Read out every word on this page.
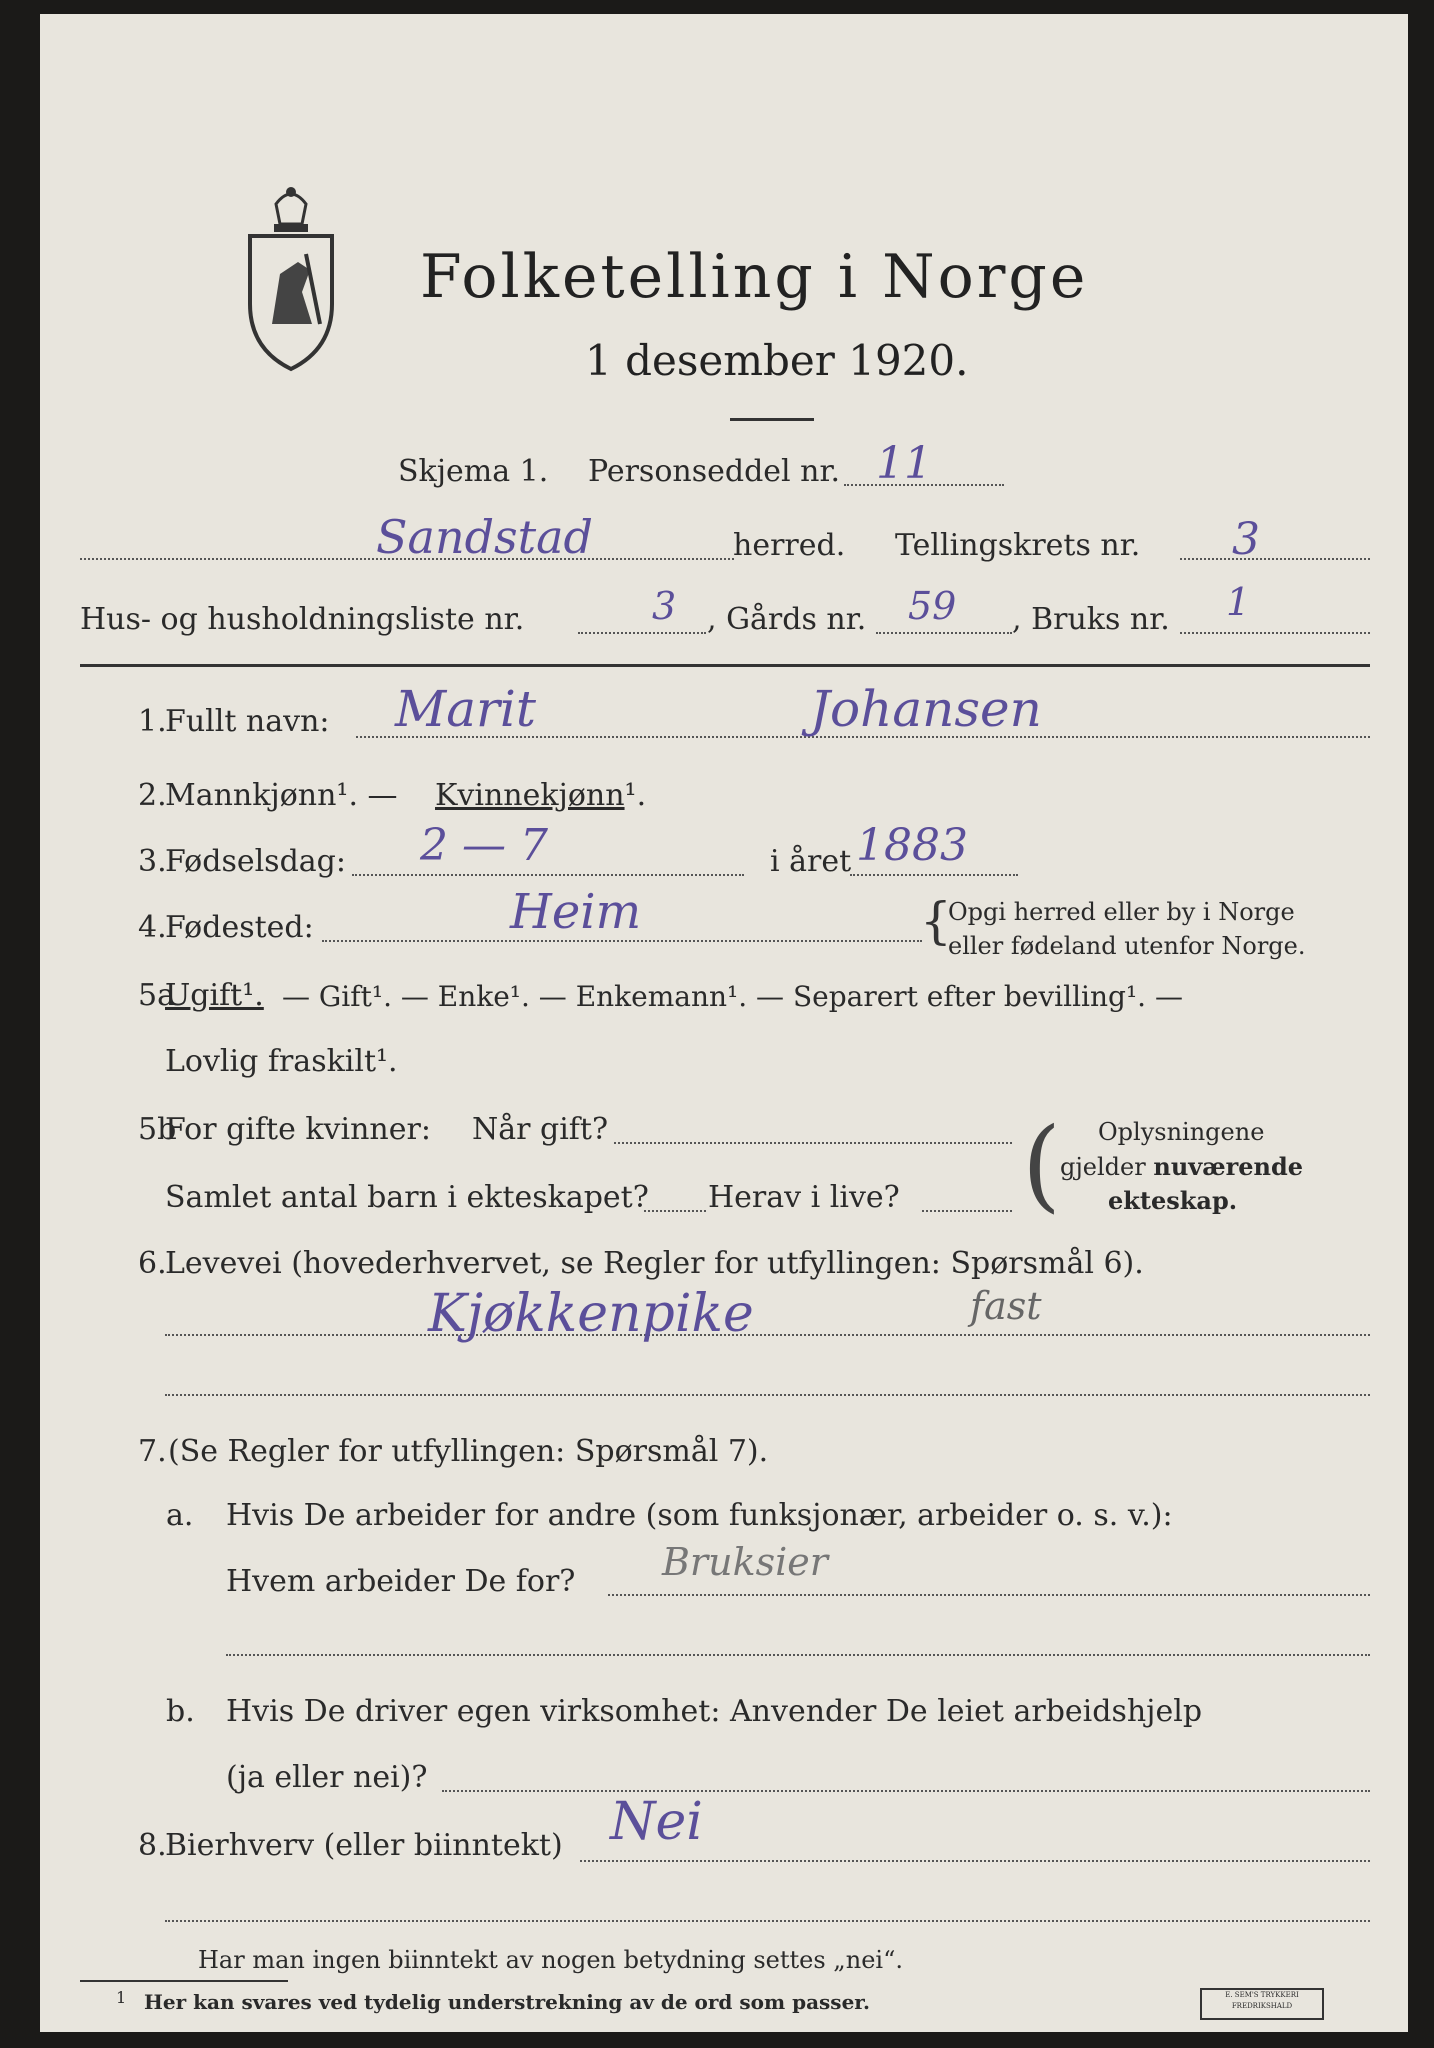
Folketelling i Norge
1 desember 1920.
Skjema 1. Personseddel nr. 11
Sandstad	herred. Tellingskrets nr. 3
Hus- og husholdningsliste nr.	3 , Gårds nr. 59 , Bruks nr. 1
1.
Fullt navn: Marit	Johansen
2.
Mannkjønn¹. — Kvinnekjønn¹.
3.
Fødselsdag: 2 — 7	i året 1883
4.
Fødested:	Heim	{
Opgi herred eller by i Norge
eller fødeland utenfor Norge.
5a
Ugift¹. — Gift¹. — Enke¹. — Enkemann¹. — Separert efter bevilling¹. —
Lovlig fraskilt¹.
5b
For gifte kvinner: Når gift?
Samlet antal barn i ekteskapet? Herav i live? ( Oplysningene
gjelder nuværende
ekteskap.
6.
Levevei (hovederhvervet, se Regler for utfyllingen: Spørsmål 6).
Kjøkkenpike	fast
7. (Se Regler for utfyllingen: Spørsmål 7).
a. Hvis De arbeider for andre (som funksjonær, arbeider o. s. v.):
Hvem arbeider De for? Bruksier
b. Hvis De driver egen virksomhet: Anvender De leiet arbeidshjelp
(ja eller nei)?
8.
Bierhverv (eller biinntekt) Nei
Har man ingen biinntekt av nogen betydning settes „nei“.
1 Her kan svares ved tydelig understrekning av de ord som passer.	E. SEM'S TRYKKERI
FREDRIKSHALD
